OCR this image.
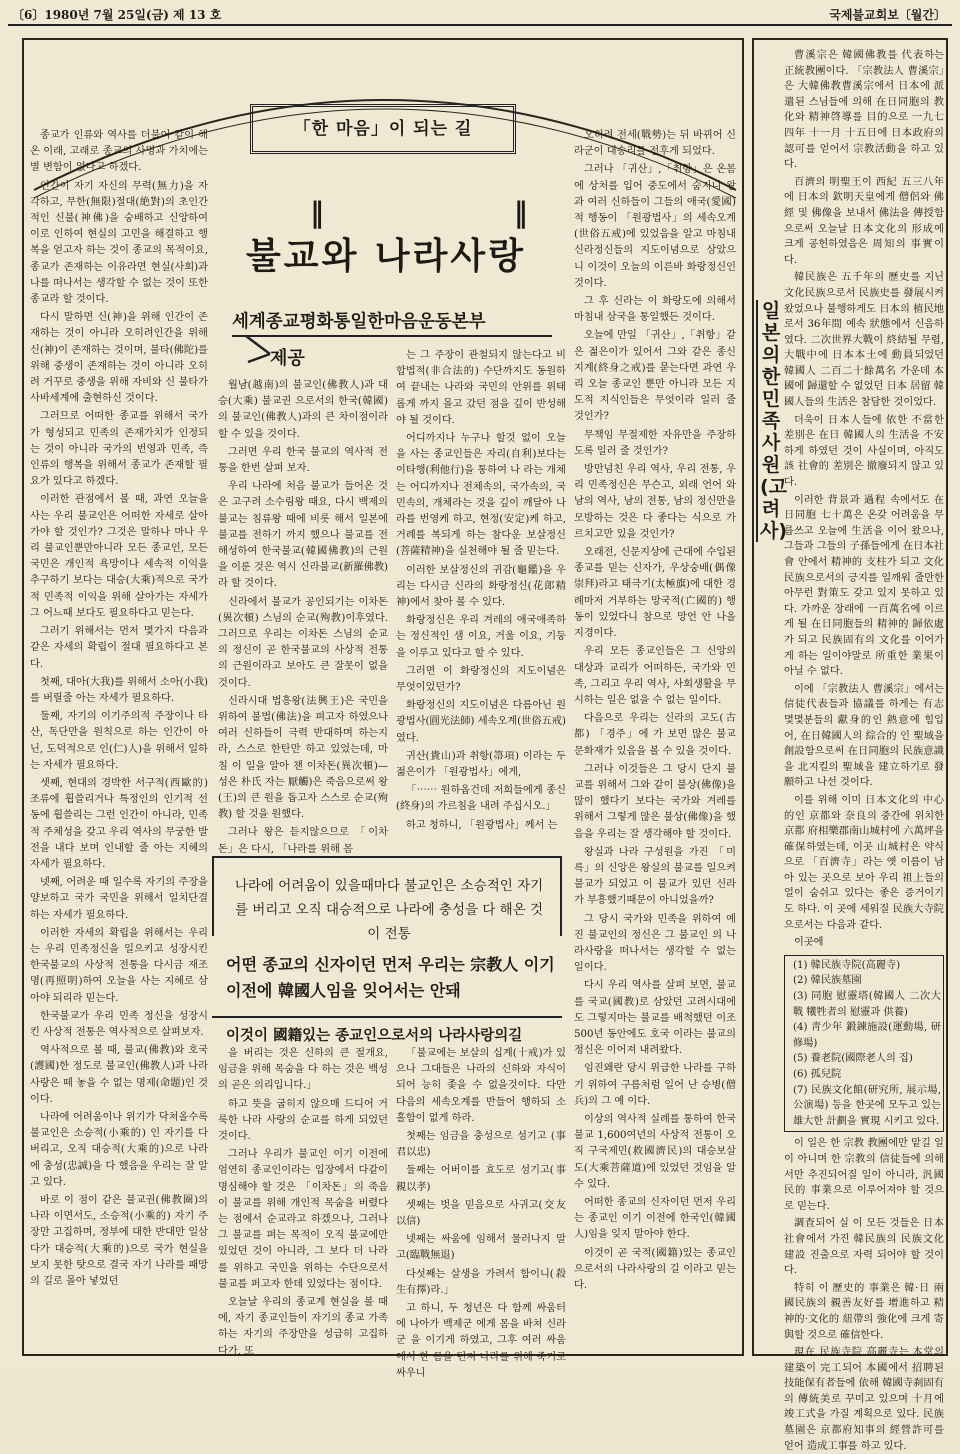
〔6〕1980년 7월 25일(금) 제 13 호	국제불교회보〔월간〕
「한 마음」이 되는 길
‖ ‖
불교와 나라사랑
세계종교평화통일한마음운동본부
제공

종교가 인류와 역사를 더불어 같이 해 온 이래, 고래로 종교의 사명과 가치에는 별 변함이 없다고 하겠다.

인간이 자기 자신의 무력(無力)을 자각하고, 무한(無限)절대(絶對)의 초인간적인 신불(神佛)을 숭배하고 신앙하여 이로 인하여 현실의 고민을 해결하고 행복을 얻고자 하는 것이 종교의 목적이요, 종교가 존재하는 이유라면 현실(사회)과 나를 떠나서는 생각할 수 없는 것이 또한 종교라 할 것이다.

다시 말하면 신(神)을 위해 인간이 존재하는 것이 아니라 오히려인간을 위해 신(神)이 존재하는 것이며, 불타(佛陀)를 위해 중생이 존재하는 것이 아니라 오히려 거꾸로 중생을 위해 자비와 신 불타가 사바세계에 출현하신 것이다.

그러므로 어떠한 종교를 위해서 국가가 형성되고 민족의 존재가치가 인정되는 것이 아니라 국가의 번영과 민족, 즉 인류의 행복을 위해서 종교가 존재할 필요가 있다고 하겠다.

이러한 관점에서 볼 때, 과연 오늘을 사는 우리 불교인은 어떠한 자세로 살아가야 할 것인가? 그것은 말하나 마나 우리 불교인뿐만아니라 모든 종교인, 모든 국민은 개인적 욕망이나 세속적 이익을 추구하기 보다는 대승(大乘)적으로 국가적 민족적 이익을 위해 살아가는 자세가 그 어느때 보다도 필요하다고 믿는다.

그러기 위해서는 먼저 몇가지 다음과 같은 자세의 확립이 절대 필요하다고 본다.

첫째, 대아(大我)를 위해서 소아(小我)를 버릴줄 아는 자세가 필요하다.

둘째, 자기의 이기주의적 주장이나 타산, 독단만을 원칙으로 하는 인간이 아닌, 도덕적으로 인(仁)人)을 위해서 일하는 자세가 필요하다.

셋째, 현대의 경박한 서구적(西歐的) 조류에 휩쓸리거나 특정인의 인기적 선동에 휩쓸리는 그런 인간이 아니라, 민족적 주체성을 갖고 우리 역사의 무궁한 발전을 내다 보며 인내할 줄 아는 지혜의 자세가 필요하다.

넷째, 어려운 때 일수록 자기의 주장을 양보하고 국가 국민을 위해서 일치단결하는 자세가 필요하다.

이러한 자세의 확립을 위해서는 우리는 우리 민족정신을 일으키고 성장시킨 한국불교의 사상적 전통을 다시금 재조명(再照明)하여 오늘을 사는 지혜로 삼아야 되리라 믿는다.

한국불교가 우리 민족 정신을 성장시킨 사상적 전통은 역사적으로 살펴보자.

역사적으로 볼 때, 불교(佛教)와 호국(護國)한 정도로 불교인(佛教人)과 나라사랑은 떼 놓을 수 없는 명제(命題)인 것이다.

나라에 어려움이나 위기가 닥쳐올수록 불교인은 소승적(小乘的) 인 자기를 다 버리고, 오직 대승적(大乘的)으로 나라에 충성(忠誠)을 다 했음을 우리는 잘 알고 있다.

바로 이 점이 같은 불교권(佛教圈)의 나라 이면서도, 소승적(小乘的) 자기 주장만 고집하며, 정부에 대한 반대만 일삼다가 대승적(大乘的)으로 국가 현실을 보지 못한 탓으로 결국 자기 나라를 패망의 길로 몰아 넣었던

월남(越南)의 불교인(佛教人)과 대승(大乘) 불교권 으로서의 한국(韓國)의 불교인(佛教人)과의 큰 차이점이라 할 수 있을 것이다.

그러면 우리 한국 불교의 역사적 전통을 한번 살펴 보자.

우리 나라에 처음 불교가 들어온 것은 고구려 소수림왕 때요, 다시 백제의 불교는 침류왕 때에 비롯 해서 일본에 불교를 전하기 까지 했으나 불교를 전해성하여 한국불교(韓國佛教)의 근원을 이룬 것은 역시 신라불교(新羅佛教)라 할 것이다.

신라에서 불교가 공인되기는 이차돈(異次頓) 스님의 순교(殉教)이후였다. 그러므로 우리는 이차돈 스님의 순교의 정신이 곧 한국불교의 사상적 전통의 근원이라고 보아도 큰 잘못이 없을 것이다.

신라시대 법흥왕(法興王)은 국민을 위하여 불법(佛法)을 펴고자 하였으나 여러 신하들이 극력 반대하며 하는지라, 스스로 한탄만 하고 있었는데, 마침 이 일을 알아 챈 이차돈(異次頓)—성은 朴氏 자는 厭觸)은 죽음으로써 왕(王)의 큰 원을 돕고자 스스로 순교(殉教) 할 것을 원했다.

그러나 왕은 듣지않으므로 「이차돈」은 다시, 「나라를 위해 몸

는 그 주장이 관철되지 않는다고 비합법적(非合法的) 수단까지도 동원하여 끝내는 나라와 국민의 안위를 위태롭게 까지 몰고 갔던 점을 깊이 반성해야 될 것이다.

어디까지나 누구나 할것 없이 오늘을 사는 종교인들은 자리(自利)보다는 이타행(利他行)을 통하여 나 라는 개체는 어디까지나 전체속의, 국가속의, 국민속의, 개체라는 것을 깊이 깨달아 나라를 번영케 하고, 현정(安定)케 하고, 거례를 복되게 하는 참다운 보살정신(菩薩精神)을 실천해야 될 줄 믿는다.

이러한 보살정신의 귀감(龜鑑)을 우리는 다시금 신라의 화랑정신(花郎精神)에서 찾아 볼 수 있다.

화랑정신은 우리 겨레의 애국애족하는 정신적인 샘 이요, 거울 이요, 기둥을 이루고 있다고 할 수 있다.

그러면 이 화랑정신의 지도이념은 무엇이었던가?

화랑정신의 지도이념은 다름아닌 원광법사(圓光法師) 세속오계(世俗五戒)였다.

귀산(貴山)과 취항(箒項) 이라는 두 젊은이가 「원광법사」에게,

「⋯⋯ 원하옵건데 저희들에게 종신(終身)의 가르침을 내려 주십시오.」

하고 청하니, 「원광법사」께서 는

을 버리는 것은 신하의 큰 절개요, 임금을 위해 목숨을 다 하는 것은 백성의 곧은 의리입니다.」

하고 뜻을 굽히지 않으매 드디어 거룩한 나라 사랑의 순교를 하게 되었던 것이다.

그러나 우리가 불교인 이기 이전에 엄연히 종교인이라는 입장에서 다같이 명심해야 할 것은 「이차돈」의 죽음이 불교를 위해 개인적 목숨을 버렸다는 점에서 순교라고 하겠으나, 그러나 그 불교를 펴는 목적이 오직 불교에만 있었던 것이 아니라, 그 보다 더 나라를 위하고 국민을 위하는 수단으로서 불교를 퍼고자 한데 있었다는 점이다.

오늘날 우리의 종교계 현실을 볼 때에, 자기 종교인들이 자기의 종교 가족하는 자기의 주장만을 성급히 고집하다가, 또

「불교에는 보살의 십계(十戒)가 있으나 그대들은 나라의 신하와 자식이 되어 능히 좇을 수 없을것이다. 다만 다음의 세속오계를 반들어 행하되 소홀함이 없게 하라.

첫째는 임금을 충성으로 섬기고 (事君以忠)

둘째는 어버이를 효도로 섬기고(事親以孝)

셋째는 벗을 믿음으로 사귀고(交友以信)

넷째는 싸움에 임해서 물러나지 말고(臨戰無退)

다섯째는 살생을 가려서 함이니(殺生有擇)라.」

고 하니, 두 청년은 다 함께 싸움터에 나아가 백제군 에게 몸을 바쳐 신라군 을 이기게 하였고, 그후 여러 싸움에서 한 몸을 던져 나라를 위해 죽기로 싸우니

오히려 전세(戰勢)는 뒤 바뀌어 신라군이 대승리를 전후게 되었다.

그러나 「귀산」,「취항」은 온몸에 상처를 입어 중도에서 숨지니 왕과 여러 신하들이 그들의 애국(愛國)적 행동이 「원광법사」의 세속오계(世俗五戒)에 있었음을 알고 마침내 신라정신들의 지도이념으로 삼았으니 이것이 오늘의 이른바 화랑정신인 것이다.

그 후 신라는 이 화랑도에 의해서 마침내 삼국을 통일했든 것이다.

오늘에 만일 「귀산」,「취항」같은 젊은이가 있어서 그와 같은 종신지계(終身之戒)를 묻는다면 과연 우리 오늘 종교인 뿐만 아니라 모든 지도적 지식인들은 무엇이라 일러 줄 것인가?

무책임 무절제한 자유만을 주장하도록 일러 줄 것인가?

방만넘친 우리 역사, 우리 전통, 우리 민족정신은 무슨고, 외래 언어 와 남의 역사, 남의 전통, 남의 정신만을 모방하는 것은 다 좋다는 식으로 가르치고만 있을 것인가?

오래전, 신문지상에 근대에 수입된 종교를 믿는 신자가, 우상숭배(偶像崇拜)라고 태극기(太極旗)에 대한 경례마저 거부하는 망국적(亡國的) 행동이 있었다니 참으로 망언 안 나올 지경이다.

우리 모든 종교인들은 그 신앙의 대상과 교리가 어떠하든, 국가와 민족, 그리고 우리 역사, 사회생활을 무시하는 일은 없을 수 없는 일이다.

다음으로 우리는 신라의 고도(古都) 「경주」에 가 보면 많은 불교 문화재가 있음을 볼 수 있을 것이다.

그러나 이것들은 그 당시 단지 불교를 위해서 그와 같이 불상(佛像)을 많이 했다기 보다는 국가와 겨레를 위해서 그렇게 많은 불상(佛像)을 했음을 우리는 잘 생각해야 할 것이다.

왕실과 나라 구성원을 가진 「미륵」의 신앙은 왕실의 불교를 일으켜 불교가 되었고 이 불교가 있던 신라가 부흥했기때문이 아니었을까?

그 당시 국가와 민족을 위하여 예진 불교인의 정신은 그 불교인 의 나라사랑을 떠나서는 생각할 수 없는 일이다.

다시 우리 역사를 살펴 보면, 불교를 국교(國教)로 삼았던 고려시대에도 그렇지마는 불교를 배척했던 이조 500년 동안에도 호국 이라는 불교의 정신은 이어져 내려왔다.

임진왜란 당시 위급한 나라를 구하기 위하여 구름처럼 일어 난 승병(僧兵)의 그 예 이다.

이상의 역사적 실례를 통하여 한국불교 1,600여년의 사상적 전통이 오직 구국제민(救國濟民)의 대승보살도(大乘菩薩道)에 있었던 것임을 알 수 있다.

어떠한 종교의 신자이던 먼저 우리는 종교인 이기 이전에 한국인(韓國人)임을 잊지 말아야 한다.

이것이 곧 국적(國籍)있는 종교인으로서의 나라사랑의 길 이라고 믿는다.

나라에 어려움이 있을때마다 불교인은 소승적인 자기를 버리고 오직 대승적으로 나라에 충성을 다 해온 것이 전통
어떤 종교의 신자이던 먼저 우리는 宗教人 이기 이전에 韓國人임을 잊어서는 안돼
이것이 國籍있는 종교인으로서의 나라사랑의길
일본의 한민족사원(고려사)

曹溪宗은 韓國佛教를 代表하는 正統教團이다. 「宗教法人 曹溪宗」은 大韓佛教曹溪宗에서 日本에 派遣된 스님들에 의해 在日同胞의 教化와 精神啓導를 目的으로 一九七四年 十一月 十五日에 日本政府의 認可를 얻어서 宗教活動을 하고 있다.

百濟의 明聖王이 西紀 五三八年에 日本의 欽明天皇에게 僧侶와 佛經 및 佛像을 보내서 佛法을 傳授함으로써 오늘날 日本文化의 形成에 크게 공헌하였음은 周知의 事實이다.

韓民族은 五千年의 歷史를 지닌 文化民族으로서 民族史를 發展시켜 왔었으나 불행하게도 日本의 植民地로서 36年間 예속 狀態에서 신음하였다. 二次世界大戰이 終結될 무렵, 大戰中에 日本本土에 動員되었던 韓國人 二百二十餘萬名 가운데 本國에 歸還할 수 없었던 日本 居留 韓國人들의 生活은 참담한 것이었다.

더욱이 日本人들에 依한 不當한 差別은 在日 韓國人의 生活을 不安하게 하였던 것이 사실이며, 아직도 該 社會的 差別은 撤廢되지 않고 있다.

이러한 背景과 過程 속에서도 在日同胞 七十萬은 온갖 어려움을 무릅쓰고 오늘에 生活을 이어 왔으나, 그들과 그들의 子孫들에게 在日本社會 안에서 精神的 支柱가 되고 文化民族으로서의 긍지를 일깨워 줄만한 아무런 對策도 갖고 있지 못하고 있다. 가까운 장래에 一百萬名에 이르게 될 在日同胞들의 精神的 歸依處가 되고 民族固有의 文化를 이어가게 하는 일이야말로 所重한 業果이 아닐 수 없다.

이에 「宗教法人 曹溪宗」에서는 信徒代表들과 協議를 하게는 有志 몇몇분들의 獻身的인 熱意에 힘입어, 在日韓國人의 綜合的 인 聖域을 創設함으로써 在日同胞의 民族意識을 北지킬의 聖域을 建立하기로 發願하고 나선 것이다.

이를 위해 이미 日本文化의 中心的인 京都와 奈良의 중간에 위치한 京都 府相樂郡南山城村에 六萬坪을 確保하였는데, 이곳 山城村은 약식으로 「百濟寺」라는 옛 이름이 남아 있는 곳으로 보아 우리 祖上들의 얼이 숨쉬고 있다는 좋은 증거이기도 하다. 이 곳에 세워질 民族大寺院으로서는 다음과 같다.

이곳에

(1) 韓民族寺院(高麗寺)
(2) 韓民族墓園
(3) 同胞 慰靈塔(韓國人 二次大戰 犧牲者의 慰靈과 供養)
(4) 靑少年 鍛鍊施設(運動場, 研修場)
(5) 養老院(國際老人의 집)
(6) 孤兒院
(7) 民族文化館(研究所, 展示場, 公演場) 등을 한곳에 모두고 있는 雄大한 計劃을 實現 시키고 있다.

이 일은 한 宗教 教團에만 맡길 일이 아니며 한 宗教의 信徒들에 의해서만 추진되어질 일이 아니라, 汎國民的 事業으로 이루어져야 할 것으로 믿는다.

調査되어 실 이 모든 것들은 日本社會에서 가진 韓民族의 民族文化 建設 진출으로 자력 되어야 할 것이다.

特히 이 歷史的 事業은 韓·日 兩國民族의 親善友好를 增進하고 精神的·文化的 紐帶의 強化에 크게 寄與할 것으로 確信한다.

現在 民族寺院 高麗寺는 本堂의 建築이 完工되어 本國에서 招聘된 技能保有者들에 依해 韓國寺刹固有의 傳統美로 꾸미고 있으며 十月에 竣工式을 가질 계획으로 있다. 民族墓園은 京都府知事의 經營許可를 얻어 造成工事를 하고 있다.
